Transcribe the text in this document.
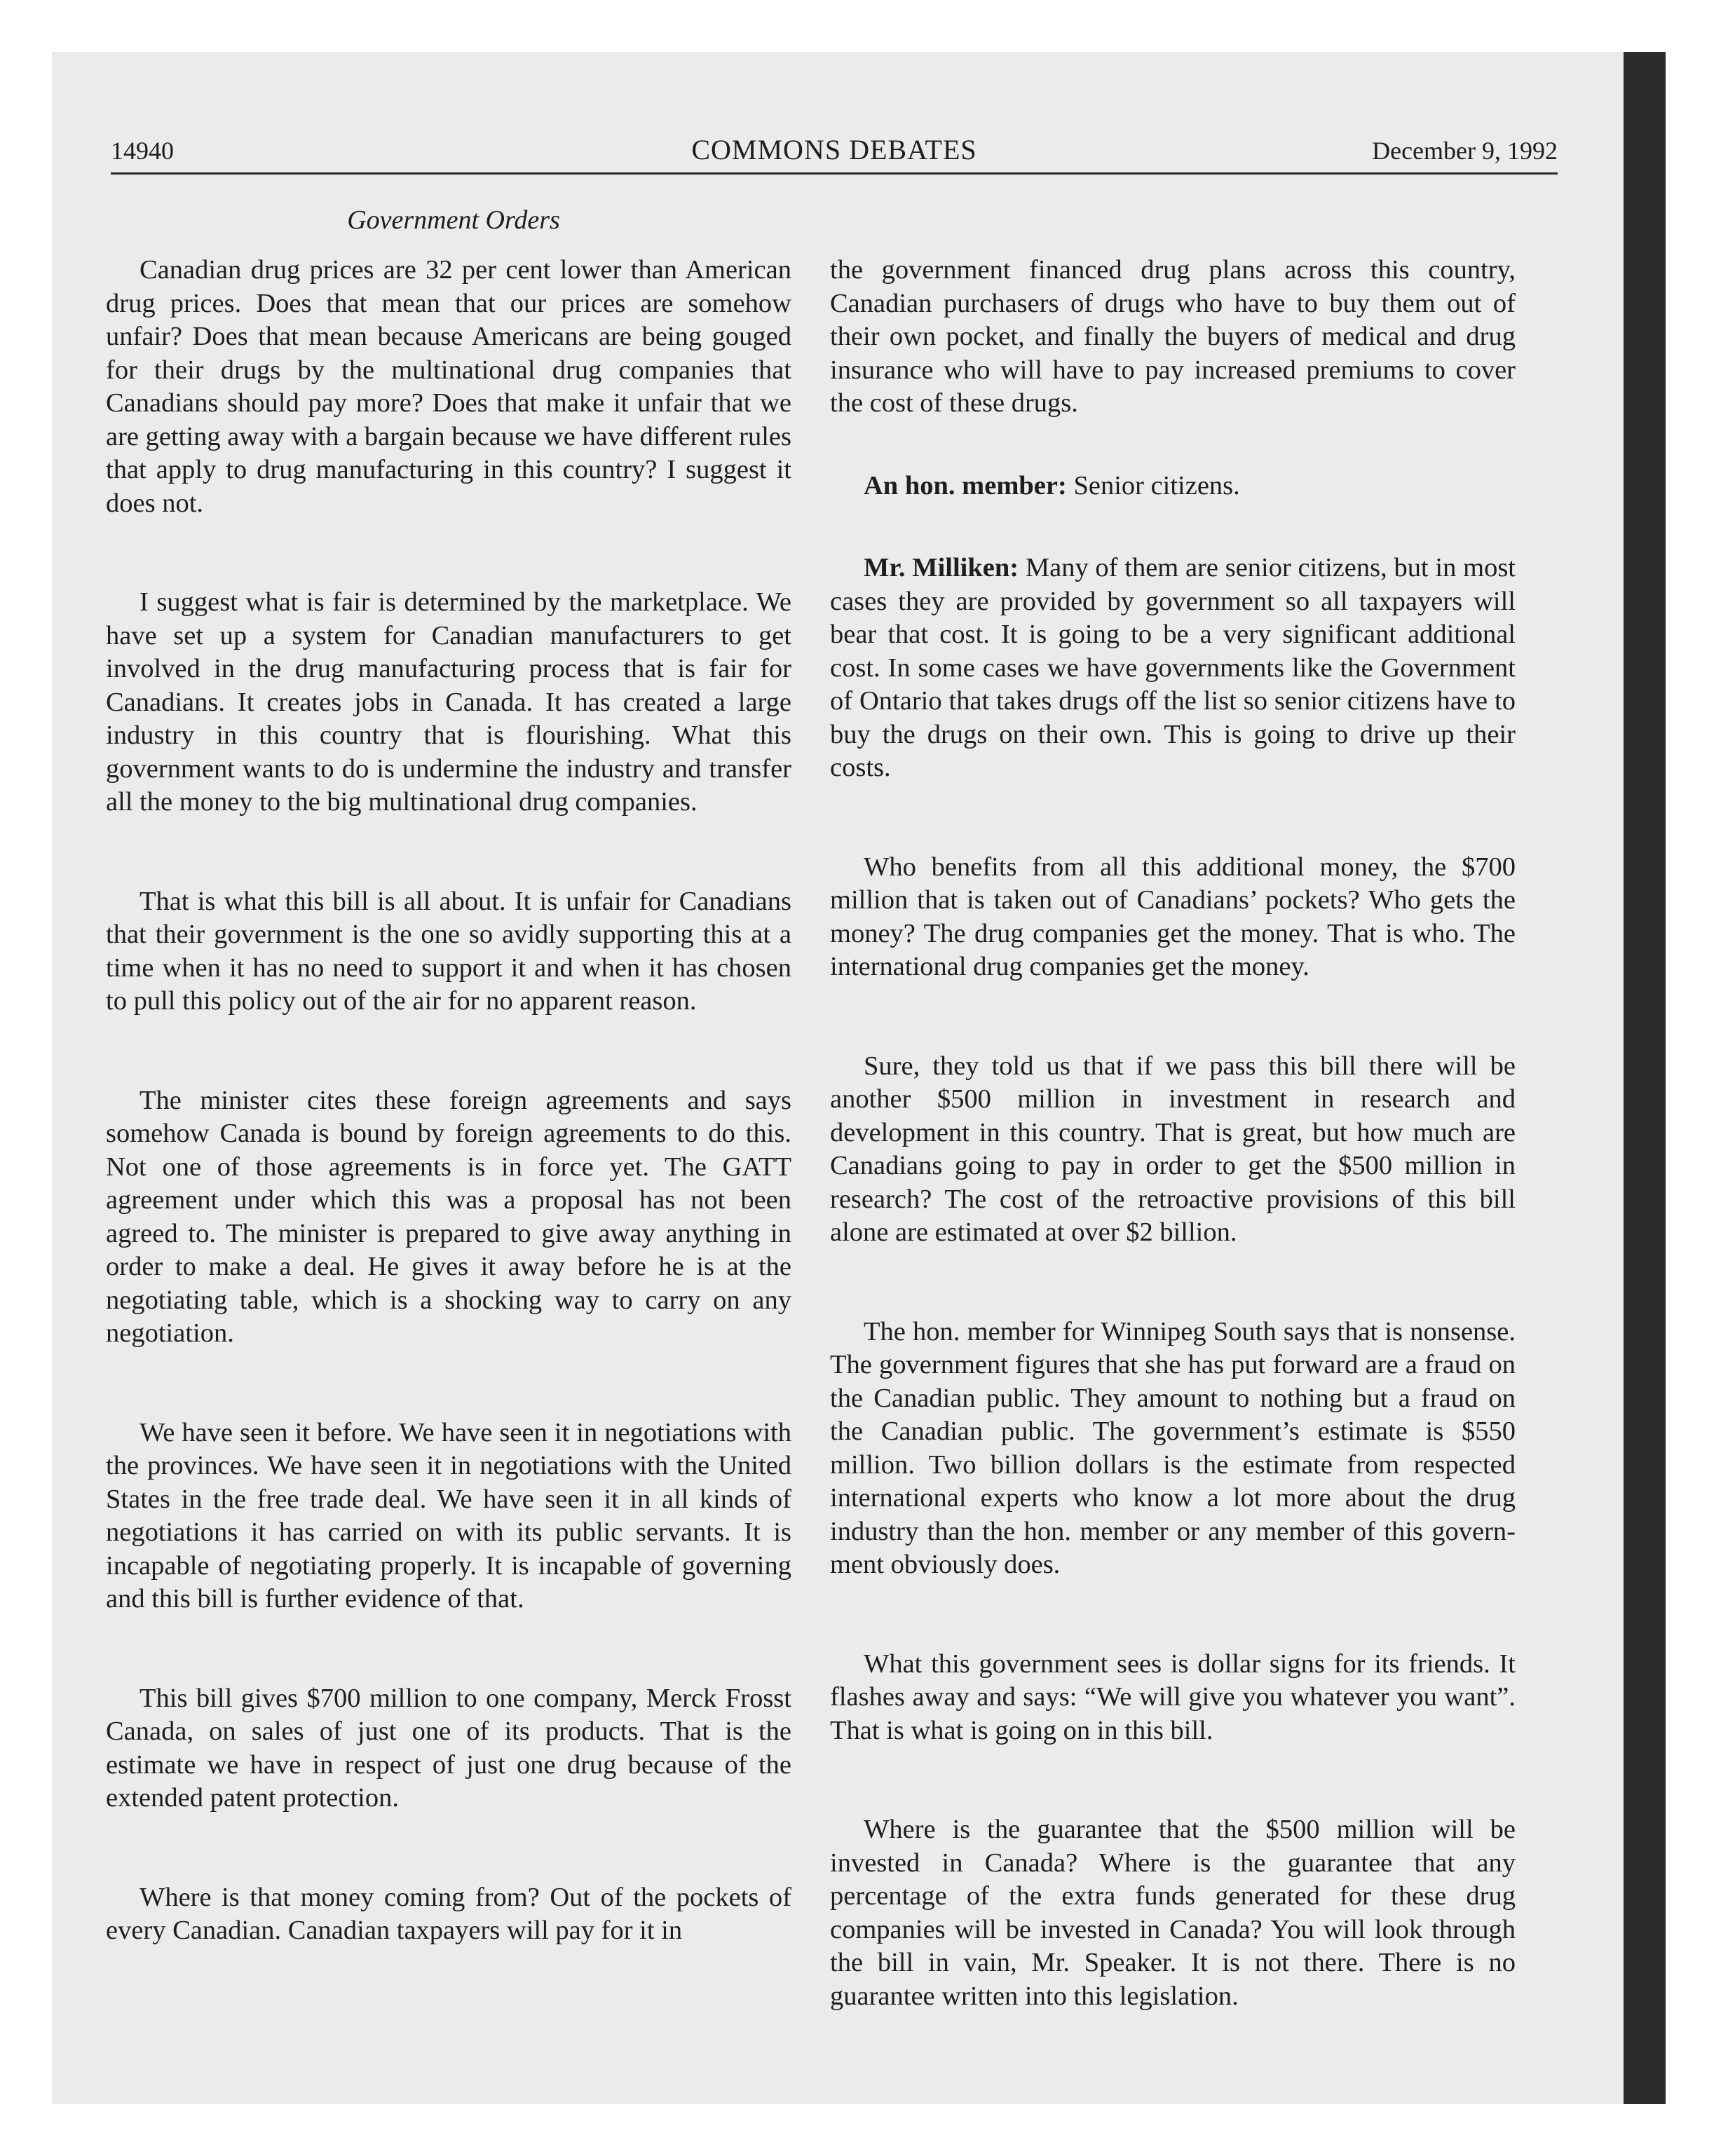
14940	COMMONS DEBATES	December 9, 1992
Government Orders

Canadian drug prices are 32 per cent lower than American drug prices. Does that mean that our prices are somehow unfair? Does that mean because Americans are being gouged for their drugs by the multinational drug companies that Canadians should pay more? Does that make it unfair that we are getting away with a bargain because we have different rules that apply to drug manufacturing in this country? I suggest it does not.

I suggest what is fair is determined by the marketplace. We have set up a system for Canadian manufacturers to get involved in the drug manufacturing process that is fair for Canadians. It creates jobs in Canada. It has created a large industry in this country that is flourishing. What this government wants to do is undermine the industry and transfer all the money to the big multinational drug companies.

That is what this bill is all about. It is unfair for Canadians that their government is the one so avidly supporting this at a time when it has no need to support it and when it has chosen to pull this policy out of the air for no apparent reason.

The minister cites these foreign agreements and says somehow Canada is bound by foreign agreements to do this. Not one of those agreements is in force yet. The GATT agreement under which this was a proposal has not been agreed to. The minister is prepared to give away anything in order to make a deal. He gives it away before he is at the negotiating table, which is a shocking way to carry on any negotiation.

We have seen it before. We have seen it in negotiations with the provinces. We have seen it in negotiations with the United States in the free trade deal. We have seen it in all kinds of negotiations it has carried on with its public servants. It is incapable of negotiating properly. It is incapable of governing and this bill is further evidence of that.

This bill gives $700 million to one company, Merck Frosst Canada, on sales of just one of its products. That is the estimate we have in respect of just one drug because of the extended patent protection.

Where is that money coming from? Out of the pockets of every Canadian. Canadian taxpayers will pay for it in

the government financed drug plans across this country, Canadian purchasers of drugs who have to buy them out of their own pocket, and finally the buyers of medical and drug insurance who will have to pay increased premiums to cover the cost of these drugs.

An hon. member: Senior citizens.

Mr. Milliken: Many of them are senior citizens, but in most cases they are provided by government so all taxpayers will bear that cost. It is going to be a very significant additional cost. In some cases we have governments like the Government of Ontario that takes drugs off the list so senior citizens have to buy the drugs on their own. This is going to drive up their costs.

Who benefits from all this additional money, the $700 million that is taken out of Canadians’ pockets? Who gets the money? The drug companies get the money. That is who. The international drug companies get the money.

Sure, they told us that if we pass this bill there will be another $500 million in investment in research and development in this country. That is great, but how much are Canadians going to pay in order to get the $500 million in research? The cost of the retroactive provisions of this bill alone are estimated at over $2 billion.

The hon. member for Winnipeg South says that is nonsense. The government figures that she has put forward are a fraud on the Canadian public. They amount to nothing but a fraud on the Canadian public. The government’s estimate is $550 million. Two billion dollars is the estimate from respected international experts who know a lot more about the drug industry than the hon. member or any member of this government obviously does.

What this government sees is dollar signs for its friends. It flashes away and says: “We will give you whatever you want”. That is what is going on in this bill.

Where is the guarantee that the $500 million will be invested in Canada? Where is the guarantee that any percentage of the extra funds generated for these drug companies will be invested in Canada? You will look through the bill in vain, Mr. Speaker. It is not there. There is no guarantee written into this legislation.
